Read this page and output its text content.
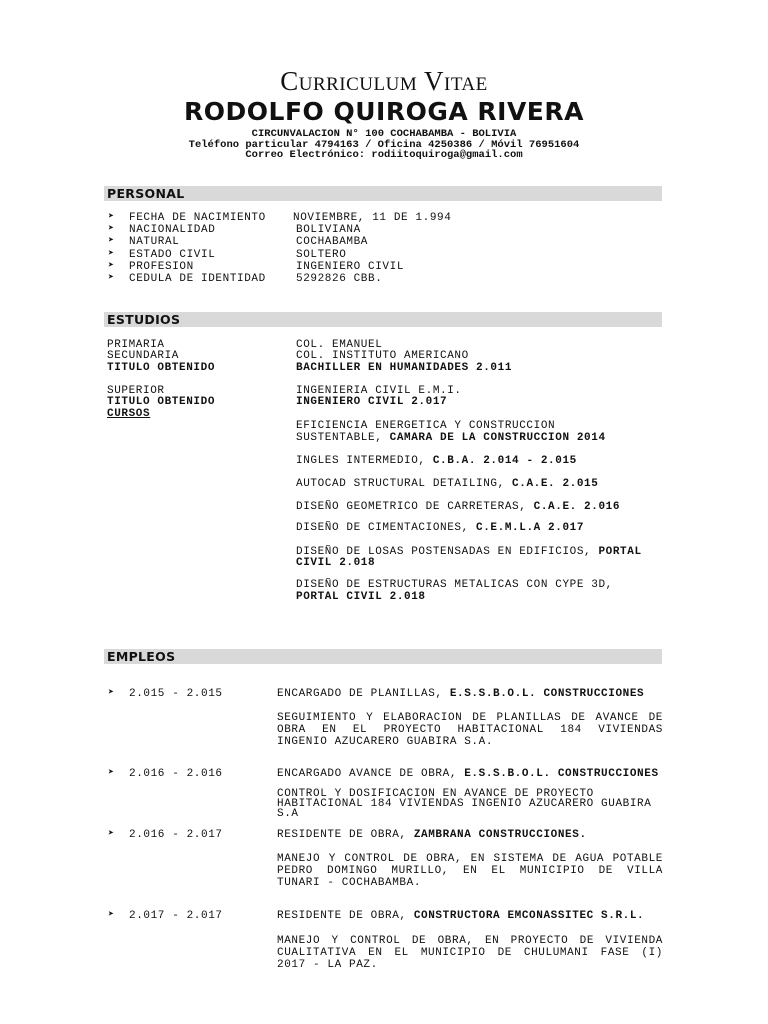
Curriculum Vitae
RODOLFO QUIROGA RIVERA
CIRCUNVALACION N° 100 COCHABAMBA - BOLIVIA
Teléfono particular 4794163 / Oficina 4250386 / Móvil 76951604
Correo Electrónico: rodiitoquiroga@gmail.com
PERSONAL
➤ FECHA DE NACIMIENTO NOVIEMBRE, 11 DE 1.994
➤ NACIONALIDAD	BOLIVIANA
➤ NATURAL	COCHABAMBA
➤ ESTADO CIVIL	SOLTERO
➤ PROFESION	INGENIERO CIVIL
➤ CEDULA DE IDENTIDAD	5292826 CBB.
ESTUDIOS
PRIMARIA	COL. EMANUEL
SECUNDARIA	COL. INSTITUTO AMERICANO
TITULO OBTENIDO	BACHILLER EN HUMANIDADES 2.011
SUPERIOR	INGENIERIA CIVIL E.M.I.
TITULO OBTENIDO	INGENIERO CIVIL 2.017
CURSOS
EFICIENCIA ENERGETICA Y CONSTRUCCION
SUSTENTABLE, CAMARA DE LA CONSTRUCCION 2014
INGLES INTERMEDIO, C.B.A. 2.014 - 2.015
AUTOCAD STRUCTURAL DETAILING, C.A.E. 2.015
DISEÑO GEOMETRICO DE CARRETERAS, C.A.E. 2.016
DISEÑO DE CIMENTACIONES, C.E.M.L.A 2.017
DISEÑO DE LOSAS POSTENSADAS EN EDIFICIOS, PORTAL
CIVIL 2.018
DISEÑO DE ESTRUCTURAS METALICAS CON CYPE 3D,
PORTAL CIVIL 2.018
EMPLEOS
➤ 2.015 - 2.015	ENCARGADO DE PLANILLAS, E.S.S.B.O.L. CONSTRUCCIONES
SEGUIMIENTO Y ELABORACION DE PLANILLAS DE AVANCE DE OBRA EN EL PROYECTO HABITACIONAL 184 VIVIENDAS INGENIO AZUCARERO GUABIRA S.A.
➤ 2.016 - 2.016	ENCARGADO AVANCE DE OBRA, E.S.S.B.O.L. CONSTRUCCIONES
CONTROL Y DOSIFICACION EN AVANCE DE PROYECTO HABITACIONAL 184 VIVIENDAS INGENIO AZUCARERO GUABIRA S.A
➤ 2.016 - 2.017	RESIDENTE DE OBRA, ZAMBRANA CONSTRUCCIONES.
MANEJO Y CONTROL DE OBRA, EN SISTEMA DE AGUA POTABLE PEDRO DOMINGO MURILLO, EN EL MUNICIPIO DE VILLA TUNARI - COCHABAMBA.
➤ 2.017 - 2.017	RESIDENTE DE OBRA, CONSTRUCTORA EMCONASSITEC S.R.L.
MANEJO Y CONTROL DE OBRA, EN PROYECTO DE VIVIENDA CUALITATIVA EN EL MUNICIPIO DE CHULUMANI FASE (I) 2017 - LA PAZ.
